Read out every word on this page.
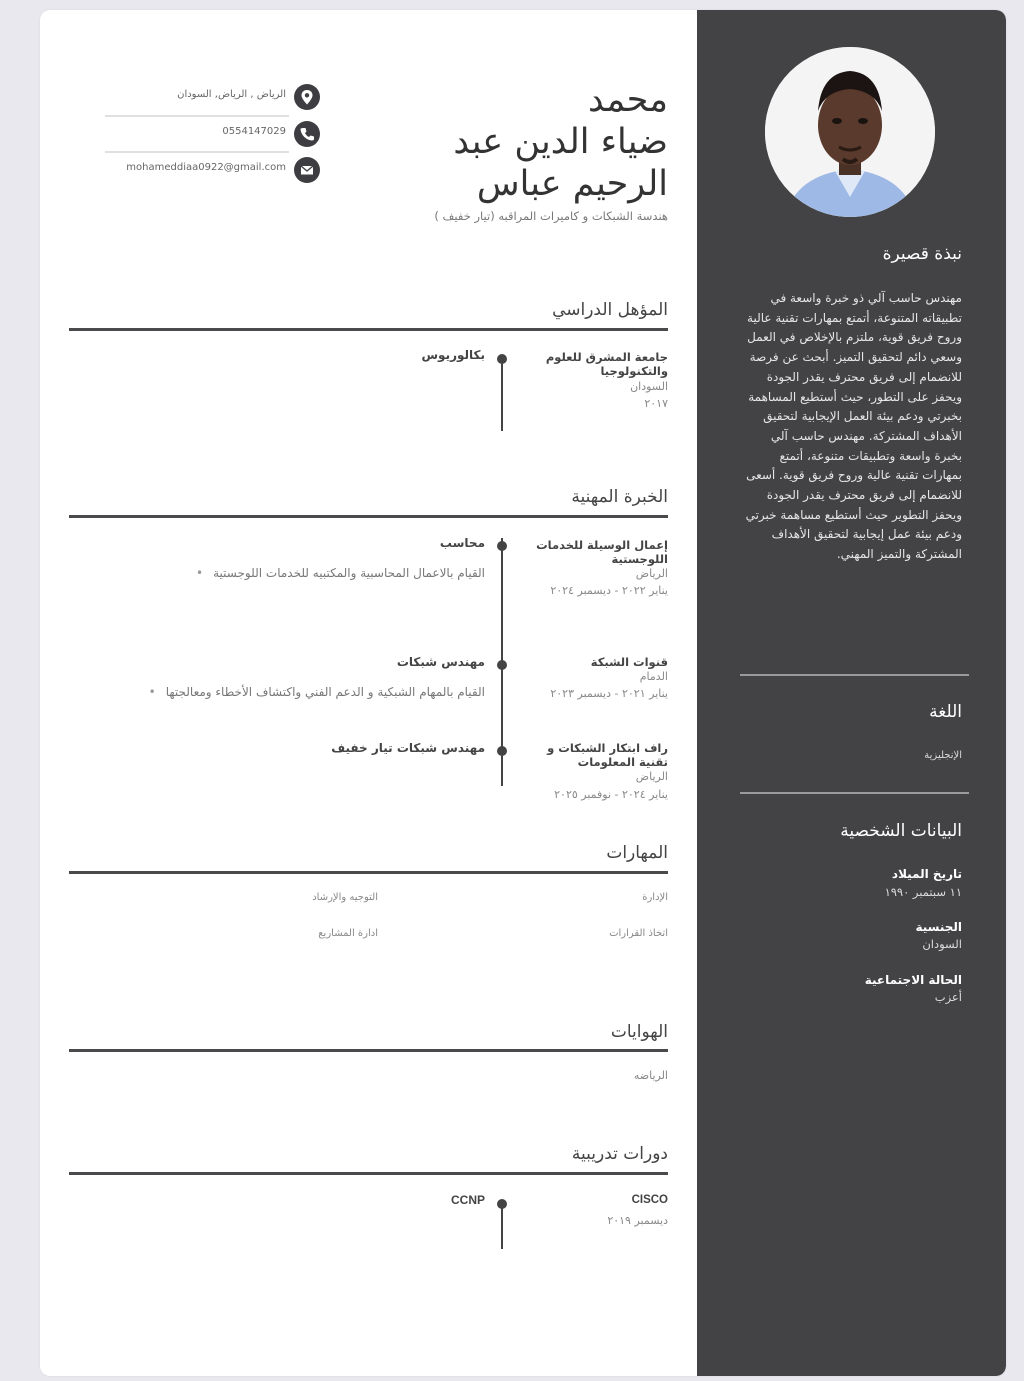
نبذة قصيرة
مهندس حاسب آلي ذو خبرة واسعة في تطبيقاته المتنوعة، أتمتع بمهارات تقنية عالية وروح فريق قوية، ملتزم بالإخلاص في العمل وسعي دائم لتحقيق التميز. أبحث عن فرصة للانضمام إلى فريق محترف يقدر الجودة ويحفز على التطور، حيث أستطيع المساهمة بخبرتي ودعم بيئة العمل الإيجابية لتحقيق الأهداف المشتركة. مهندس حاسب آلي بخبرة واسعة وتطبيقات متنوعة، أتمتع بمهارات تقنية عالية وروح فريق قوية. أسعى للانضمام إلى فريق محترف يقدر الجودة ويحفز التطوير حيث أستطيع مساهمة خبرتي ودعم بيئة عمل إيجابية لتحقيق الأهداف المشتركة والتميز المهني.
اللغة
الإنجليزية
البيانات الشخصية
تاريخ الميلاد
١١ سبتمبر ١٩٩٠
الجنسية
السودان
الحالة الاجتماعية
أعزب
محمد
ضياء الدين عبد
الرحيم عباس
هندسة الشبكات و كاميرات المراقبه (تيار خفيف )
الرياض , الرياض, السودان
0554147029
mohameddiaa0922@gmail.com
المؤهل الدراسي
جامعة المشرق للعلوم والتكنولوجيا
السودان
٢٠١٧
بكالوريوس
الخبرة المهنية
إعمال الوسيلة للخدمات اللوجستية
الرياض
يناير ٢٠٢٢ - ديسمبر ٢٠٢٤
محاسب
القيام بالاعمال المحاسبية والمكتبيه للخدمات اللوجستية•
قنوات الشبكة
الدمام
يناير ٢٠٢١ - ديسمبر ٢٠٢٣
مهندس شبكات
القيام بالمهام الشبكية و الدعم الفني واكتشاف الأخطاء ومعالجتها•
راف ابتكار الشبكات و تقنية المعلومات
الرياض
يناير ٢٠٢٤ - نوفمبر ٢٠٢٥
مهندس شبكات تيار خفيف
المهارات
الإدارة
التوجيه والإرشاد
اتخاذ القرارات
ادارة المشاريع
الهوايات
الرياضه
دورات تدريبية
CISCO
ديسمبر ٢٠١٩
CCNP
